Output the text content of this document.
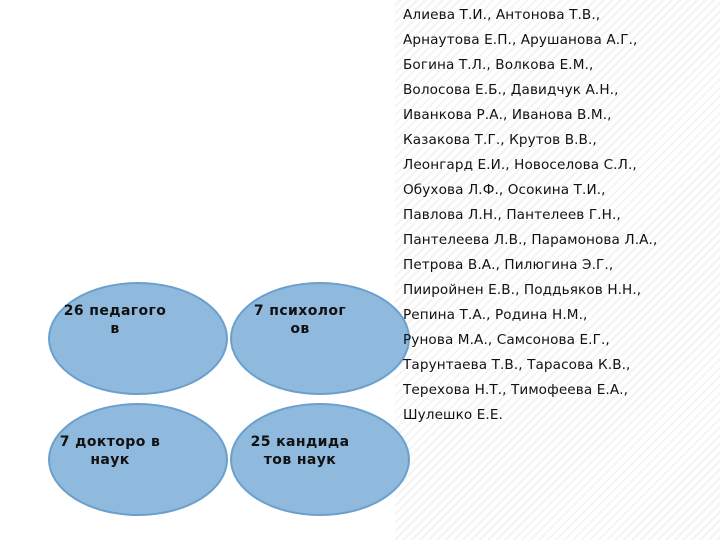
26 педагого в
7 психолог ов
7 докторо в наук
25 кандида тов наук
Алиева Т.И., Антонова Т.В.,
Арнаутова Е.П., Арушанова А.Г.,
Богина Т.Л., Волкова Е.М.,
Волосова Е.Б., Давидчук А.Н.,
Иванкова Р.А., Иванова В.М.,
Казакова Т.Г., Крутов В.В.,
Леонгард Е.И., Новоселова С.Л.,
Обухова Л.Ф., Осокина Т.И.,
Павлова Л.Н., Пантелеев Г.Н.,
Пантелеева Л.В., Парамонова Л.А.,
Петрова В.А., Пилюгина Э.Г.,
Пииройнен Е.В., Поддьяков Н.Н.,
Репина Т.А., Родина Н.М.,
Рунова М.А., Самсонова Е.Г.,
Тарунтаева Т.В., Тарасова К.В.,
Терехова Н.Т., Тимофеева Е.А.,
Шулешко Е.Е.
